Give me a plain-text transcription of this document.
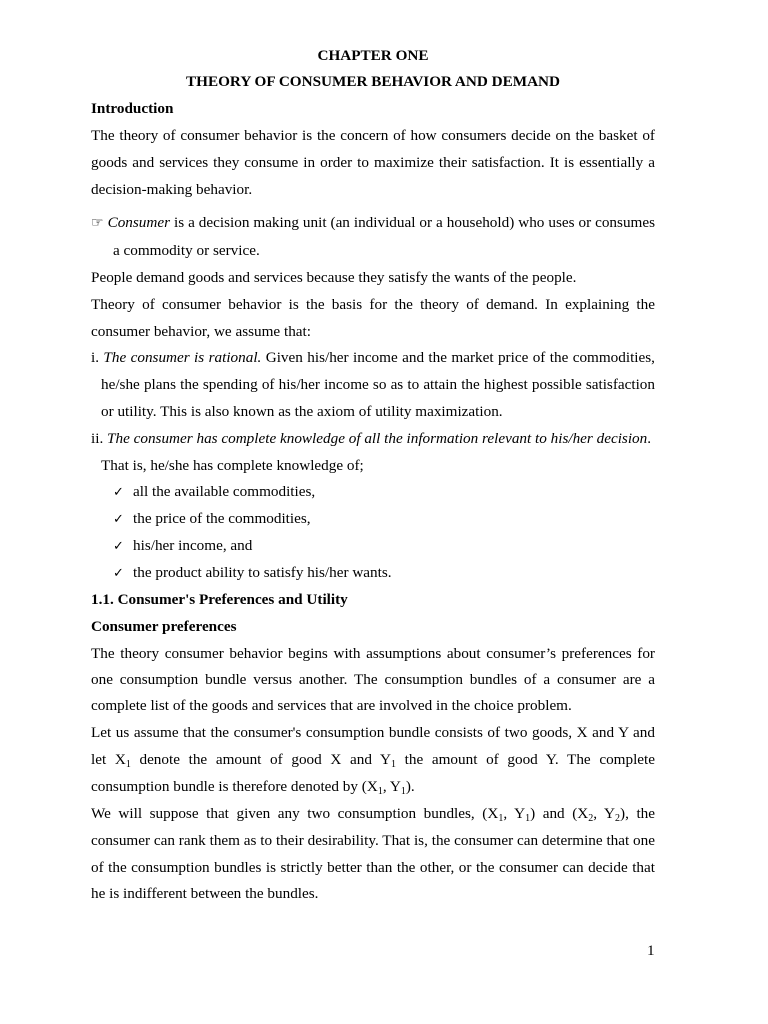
CHAPTER ONE
THEORY OF CONSUMER BEHAVIOR AND DEMAND
Introduction
The theory of consumer behavior is the concern of how consumers decide on the basket of
goods and services they consume in order to maximize their satisfaction. It is essentially a
decision-making behavior.
☞ Consumer is a decision making unit (an individual or a household) who uses or consumes
a commodity or service.
People demand goods and services because they satisfy the wants of the people.
Theory of consumer behavior is the basis for the theory of demand. In explaining the
consumer behavior, we assume that:
i. The consumer is rational. Given his/her income and the market price of the commodities,
he/she plans the spending of his/her income so as to attain the highest possible satisfaction
or utility. This is also known as the axiom of utility maximization.
ii. The consumer has complete knowledge of all the information relevant to his/her decision.
That is, he/she has complete knowledge of;
✓ all the available commodities,
✓ the price of the commodities,
✓ his/her income, and
✓ the product ability to satisfy his/her wants.
1.1. Consumer's Preferences and Utility
Consumer preferences
The theory consumer behavior begins with assumptions about consumer’s preferences for
one consumption bundle versus another. The consumption bundles of a consumer are a
complete list of the goods and services that are involved in the choice problem.
Let us assume that the consumer's consumption bundle consists of two goods, X and Y and
let $X_1$ denote the amount of good X and $Y_1$ the amount of good Y. The complete
consumption bundle is therefore denoted by ($X_1$, $Y_1$).
We will suppose that given any two consumption bundles, ($X_1$, $Y_1$) and ($X_2$, $Y_2$), the
consumer can rank them as to their desirability. That is, the consumer can determine that one
of the consumption bundles is strictly better than the other, or the consumer can decide that
he is indifferent between the bundles.
1
